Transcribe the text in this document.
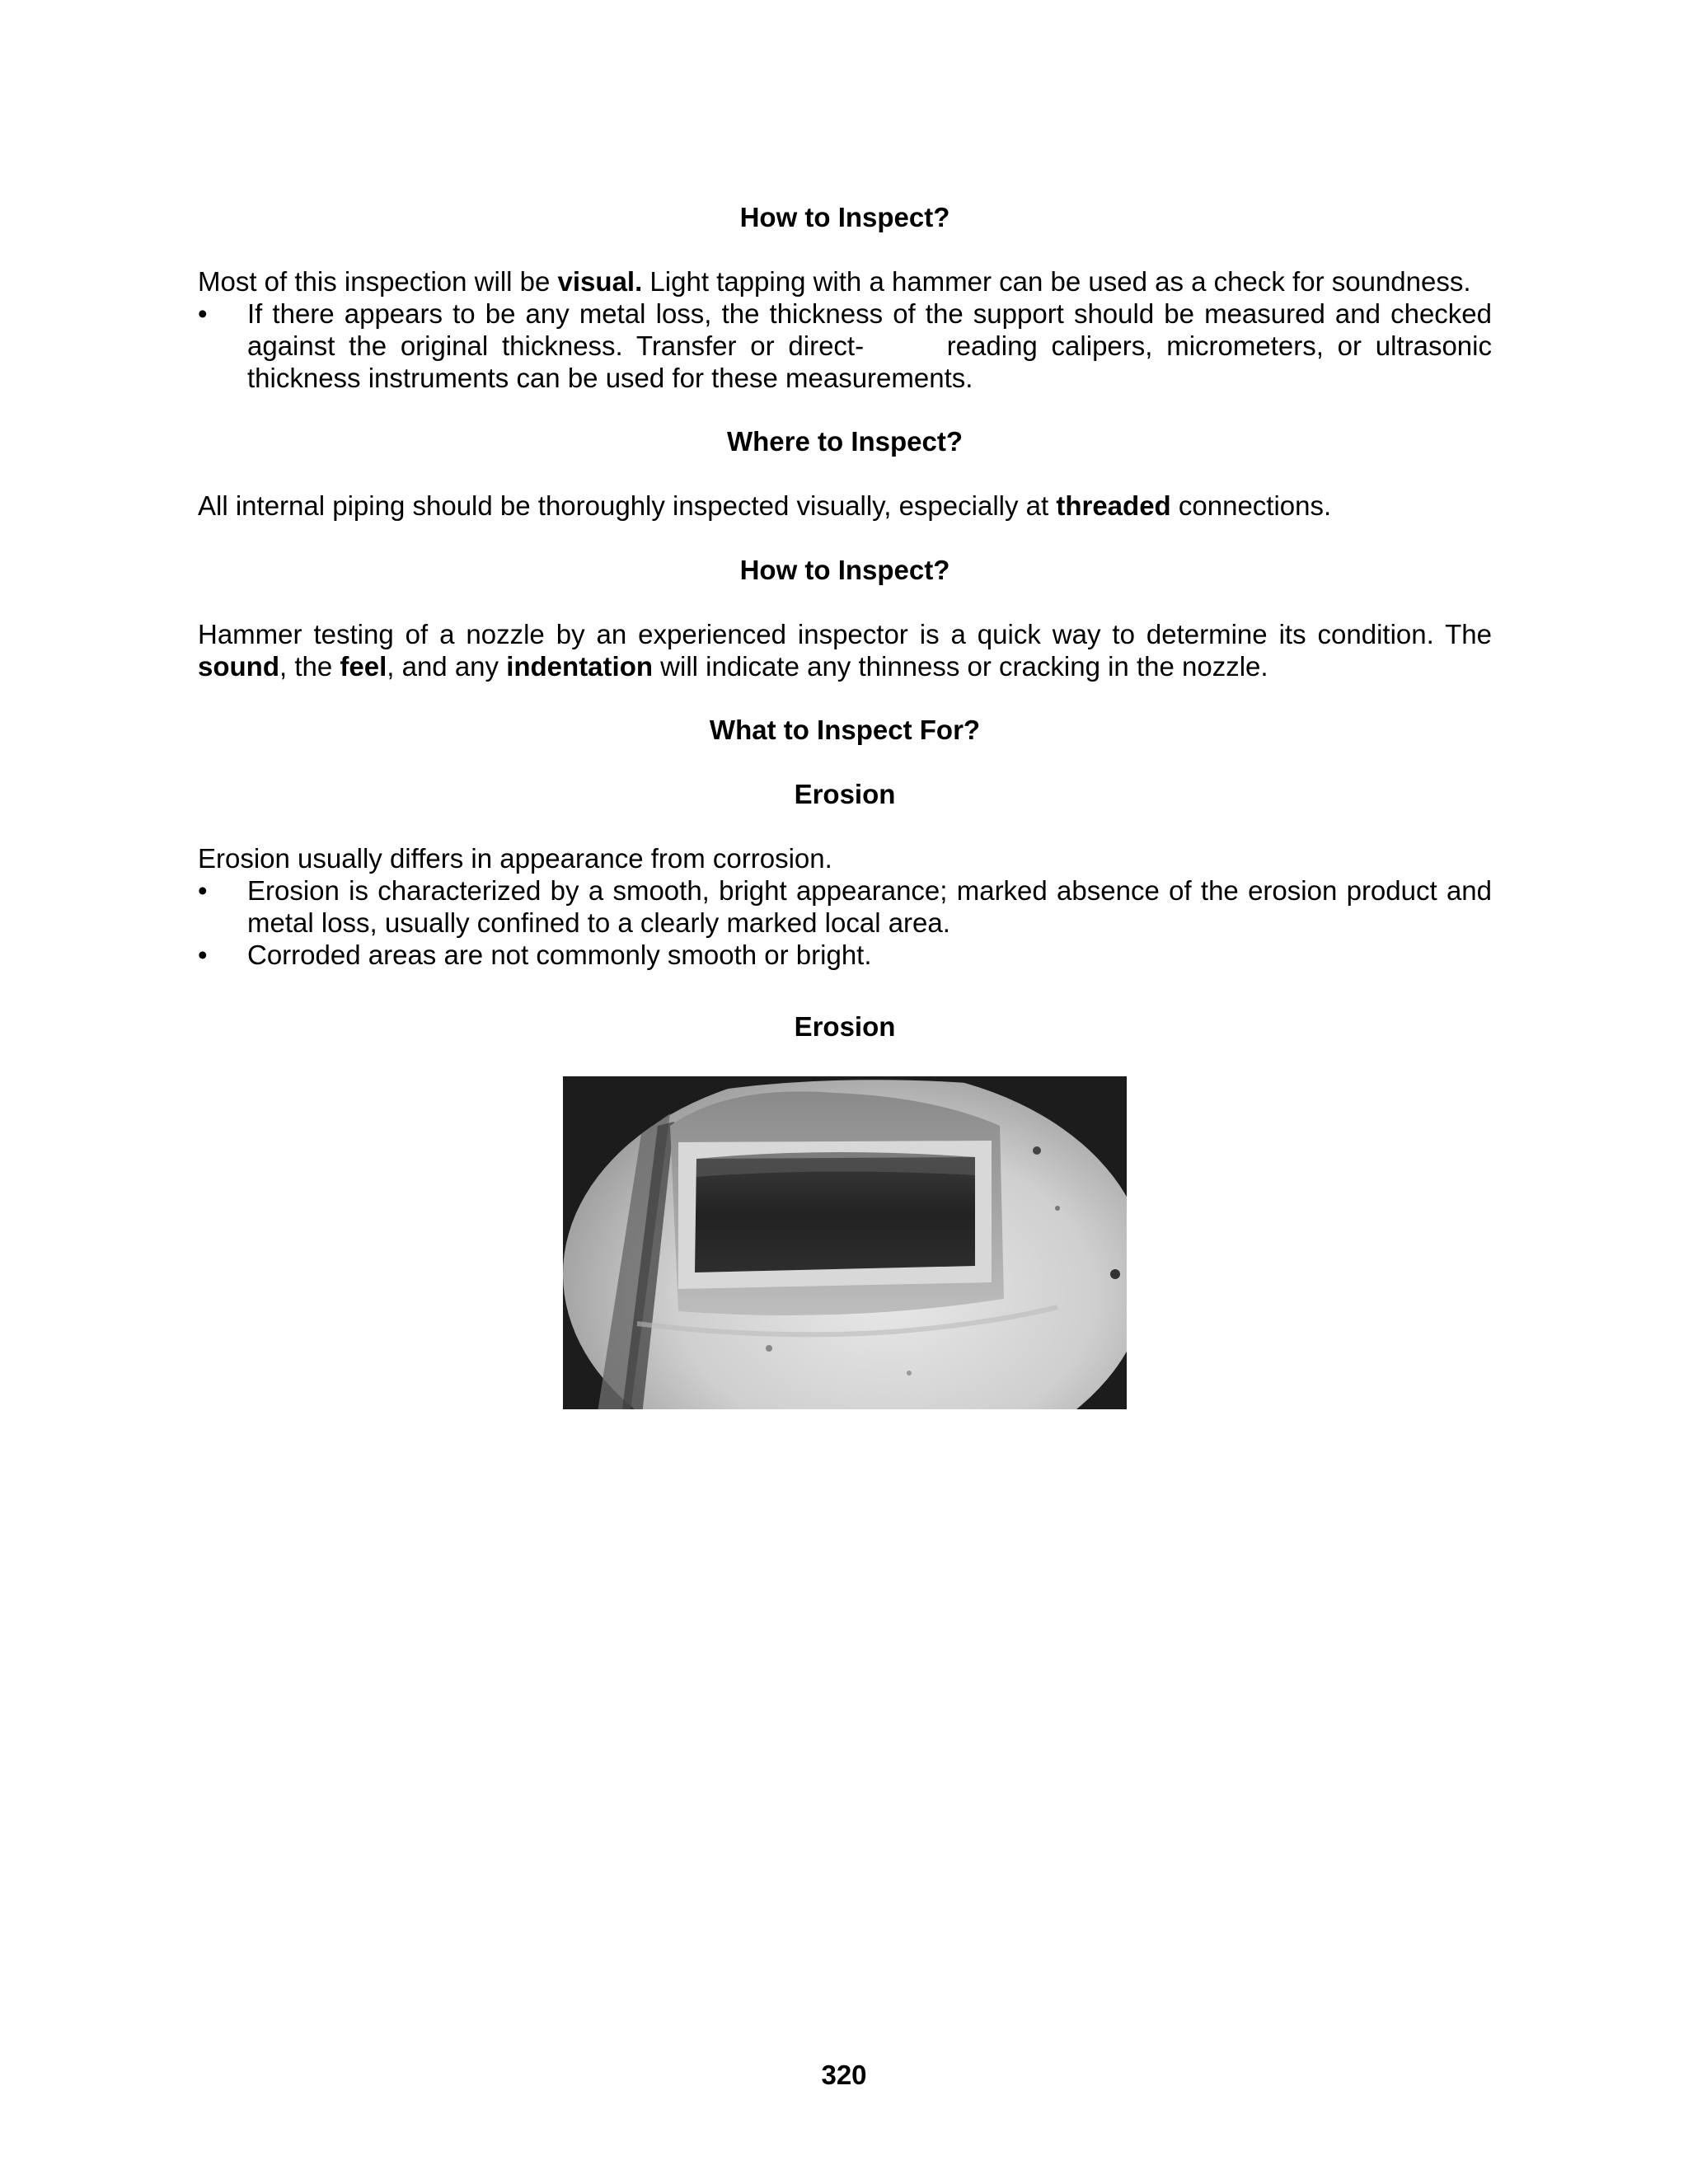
How to Inspect?
Most of this inspection will be visual. Light tapping with a hammer can be used as a check for soundness.
•	If there appears to be any metal loss, the thickness of the support should be measured and checked
against the original thickness. Transfer or direct-      reading calipers, micrometers, or ultrasonic
thickness instruments can be used for these measurements.
Where to Inspect?
All internal piping should be thoroughly inspected visually, especially at threaded connections.
How to Inspect?
Hammer testing of a nozzle by an experienced inspector is a quick way to determine its condition. The
sound, the feel, and any indentation will indicate any thinness or cracking in the nozzle.
What to Inspect For?
Erosion
Erosion usually differs in appearance from corrosion.
•	Erosion is characterized by a smooth, bright appearance; marked absence of the erosion product and
metal loss, usually confined to a clearly marked local area.
•	Corroded areas are not commonly smooth or bright.
Erosion
320
